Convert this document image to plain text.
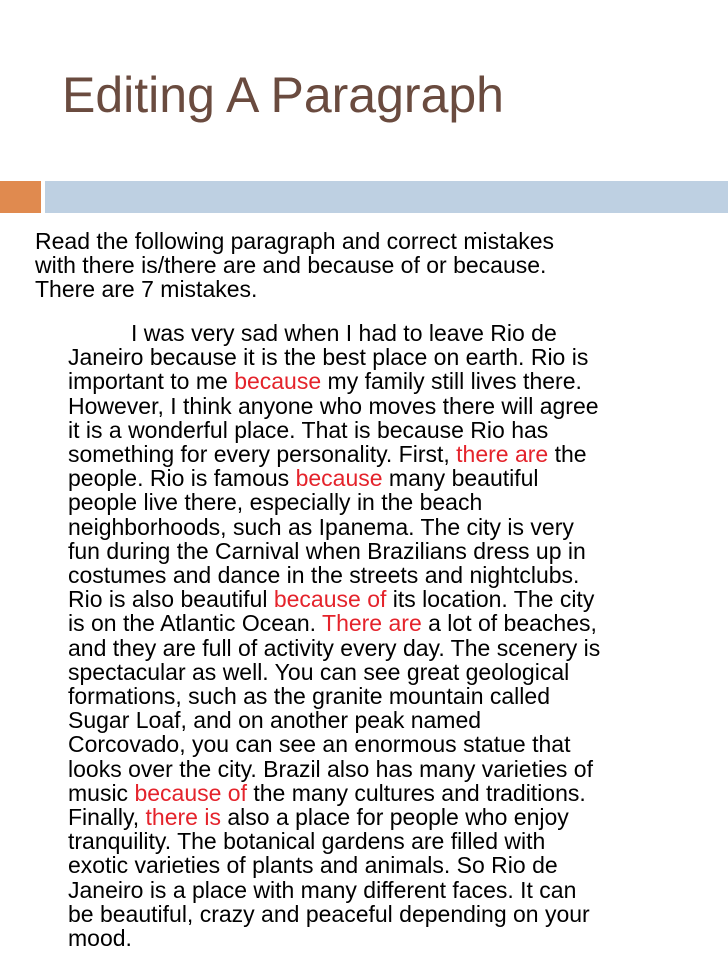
Editing A Paragraph
Read the following paragraph and correct mistakes
with there is/there are and because of or because.
There are 7 mistakes.
I was very sad when I had to leave Rio de
Janeiro because it is the best place on earth. Rio is
important to me because my family still lives there.
However, I think anyone who moves there will agree
it is a wonderful place. That is because Rio has
something for every personality. First, there are the
people. Rio is famous because many beautiful
people live there, especially in the beach
neighborhoods, such as Ipanema. The city is very
fun during the Carnival when Brazilians dress up in
costumes and dance in the streets and nightclubs.
Rio is also beautiful because of its location. The city
is on the Atlantic Ocean. There are a lot of beaches,
and they are full of activity every day. The scenery is
spectacular as well. You can see great geological
formations, such as the granite mountain called
Sugar Loaf, and on another peak named
Corcovado, you can see an enormous statue that
looks over the city. Brazil also has many varieties of
music because of the many cultures and traditions.
Finally, there is also a place for people who enjoy
tranquility. The botanical gardens are filled with
exotic varieties of plants and animals. So Rio de
Janeiro is a place with many different faces. It can
be beautiful, crazy and peaceful depending on your
mood.
